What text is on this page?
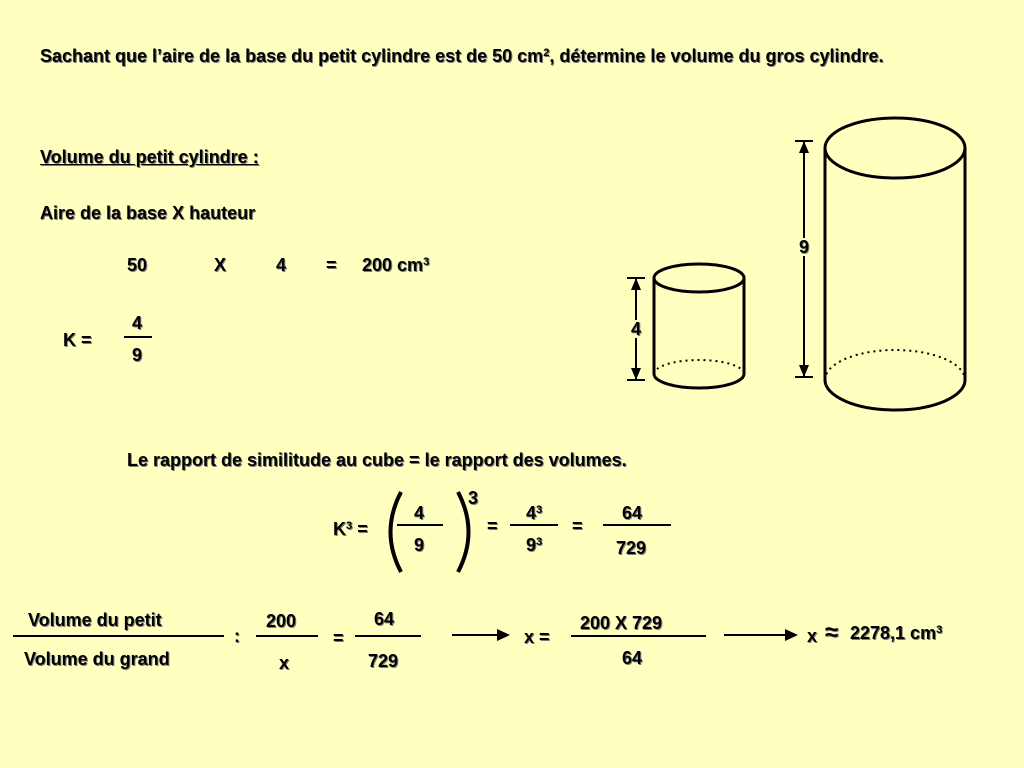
Sachant que l’aire de la base du petit cylindre est de 50 $cm^2$, détermine le volume du gros cylindre.
Volume du petit cylindre :
Aire de la base X hauteur
50	X	4 = 200 $cm^3$
K =
4
9
4
9
Le rapport de similitude au cube = le rapport des volumes.
$K^3$ =
4
9
3
=
$4^3$
$9^3$
=
64
729
Volume du petit
Volume du grand
:
200
x
=
64
729
x =
200 X 729
64
x ≈ 2278,1 $cm^3$
